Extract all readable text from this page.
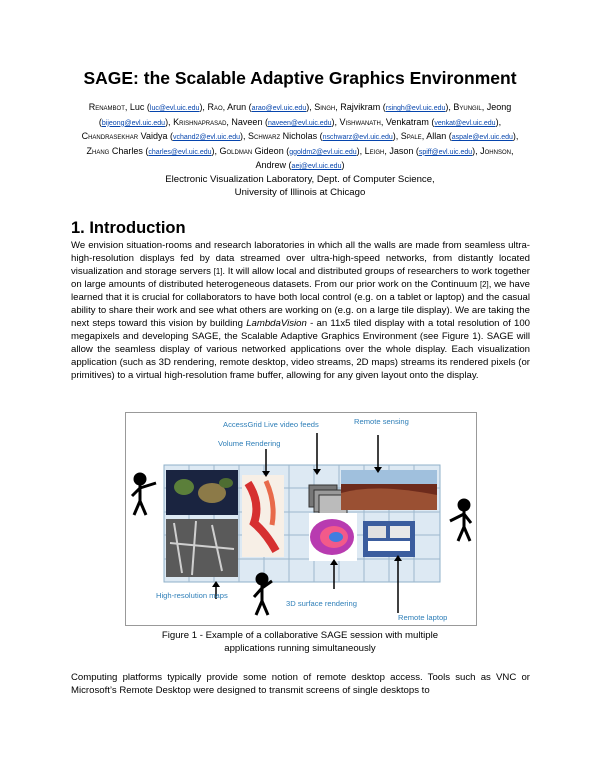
SAGE: the Scalable Adaptive Graphics Environment
Renambot, Luc (luc@evl.uic.edu), Rao, Arun (arao@evl.uic.edu), Singh, Rajvikram (rsingh@evl.uic.edu), Byungil, Jeong (bijeong@evl.uic.edu), Krishnaprasad, Naveen (naveen@evl.uic.edu), Vishwanath, Venkatram (venkat@evl.uic.edu), Chandrasekhar Vaidya (vchand2@evl.uic.edu), Schwarz Nicholas (nschwarz@evl.uic.edu), Spale, Allan (aspale@evl.uic.edu), Zhang Charles (charles@evl.uic.edu), Goldman Gideon (ggoldm2@evl.uic.edu), Leigh, Jason (spiff@evl.uic.edu), Johnson, Andrew (aej@evl.uic.edu)
Electronic Visualization Laboratory, Dept. of Computer Science,
University of Illinois at Chicago
1. Introduction
We envision situation-rooms and research laboratories in which all the walls are made from seamless ultra-high-resolution displays fed by data streamed over ultra-high-speed networks, from distantly located visualization and storage servers [1]. It will allow local and distributed groups of researchers to work together on large amounts of distributed heterogeneous datasets. From our prior work on the Continuum [2], we have learned that it is crucial for collaborators to have both local control (e.g. on a tablet or laptop) and the casual ability to share their work and see what others are working on (e.g. on a large tile display). We are taking the next steps toward this vision by building LambdaVision - an 11x5 tiled display with a total resolution of 100 megapixels and developing SAGE, the Scalable Adaptive Graphics Environment (see Figure 1). SAGE will allow the seamless display of various networked applications over the whole display. Each visualization application (such as 3D rendering, remote desktop, video streams, 2D maps) streams its rendered pixels (or primitives) to a virtual high-resolution frame buffer, allowing for any given layout onto the display.
AccessGrid Live video feeds	Remote sensing
Volume Rendering
High-resolution maps
3D surface rendering
Remote laptop
Figure 1 - Example of a collaborative SAGE session with multiple
applications running simultaneously
Computing platforms typically provide some notion of remote desktop access. Tools such as VNC or Microsoft’s Remote Desktop were designed to transmit screens of single desktops to
